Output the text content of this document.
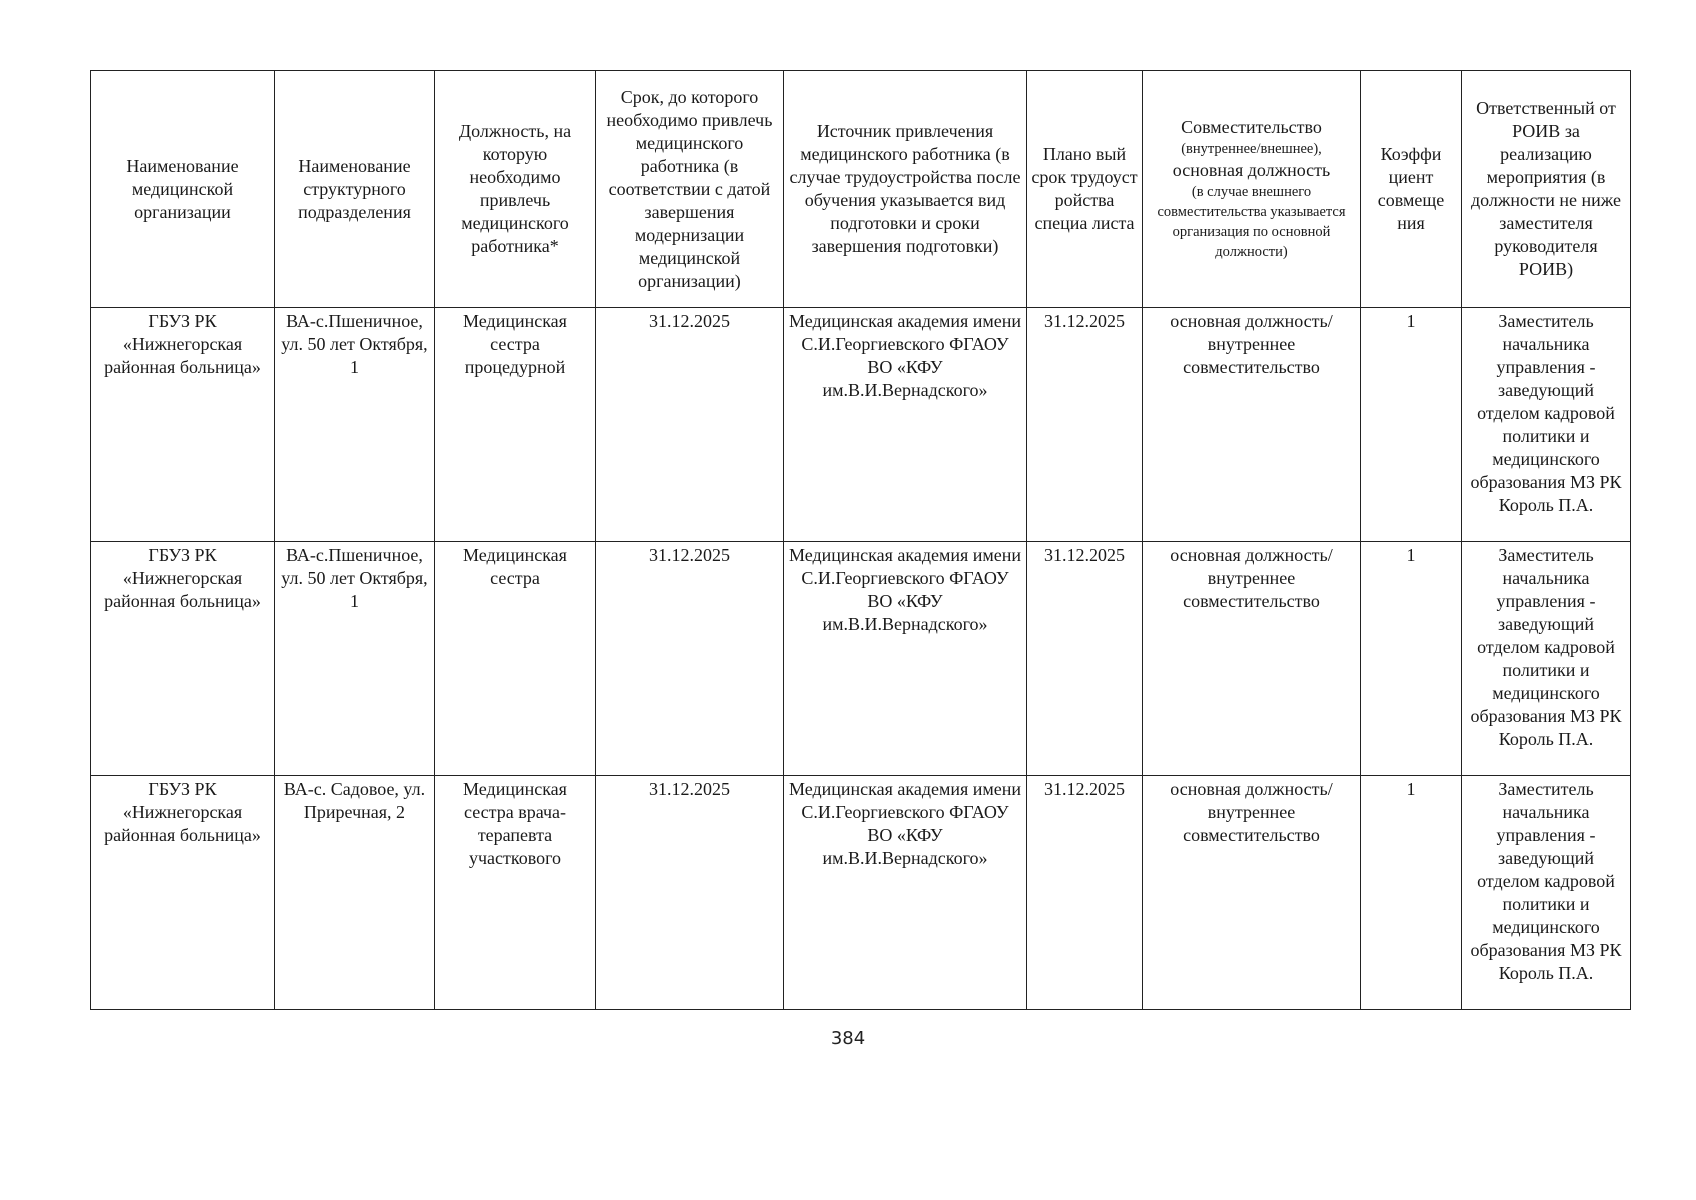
Наименование медицинской организации	Наименование структурного подразделения	Должность, на которую необходимо привлечь медицинского работника*	Срок, до которого необходимо привлечь медицинского работника (в соответствии с датой завершения модернизации медицинской организации)	Источник привлечения медицинского работника (в случае трудоустройства после обучения указывается вид подготовки и сроки завершения подготовки)	Плано вый срок трудоуст ройства специа листа	Совместительство
(внутреннее/внешнее),
основная должность
(в случае внешнего совместительства указывается организация по основной должности)	Коэффи циент совмеще ния	Ответственный от РОИВ за реализацию мероприятия (в должности не ниже заместителя руководителя РОИВ)
ГБУЗ РК «Нижнегорская районная больница»	ВА-с.Пшеничное, ул. 50 лет Октября, 1	Медицинская сестра процедурной	31.12.2025	Медицинская академия имени С.И.Георгиевского ФГАОУ ВО «КФУ им.В.И.Вернадского»	31.12.2025	основная должность/ внутреннее совместительство	1	Заместитель начальника управления - заведующий отделом кадровой политики и медицинского образования МЗ РК Король П.А.
ГБУЗ РК «Нижнегорская районная больница»	ВА-с.Пшеничное, ул. 50 лет Октября, 1	Медицинская сестра	31.12.2025	Медицинская академия имени С.И.Георгиевского ФГАОУ ВО «КФУ им.В.И.Вернадского»	31.12.2025	основная должность/ внутреннее совместительство	1	Заместитель начальника управления - заведующий отделом кадровой политики и медицинского образования МЗ РК Король П.А.
ГБУЗ РК «Нижнегорская районная больница»	ВА-с. Садовое, ул. Приречная, 2	Медицинская сестра врача-терапевта участкового	31.12.2025	Медицинская академия имени С.И.Георгиевского ФГАОУ ВО «КФУ им.В.И.Вернадского»	31.12.2025	основная должность/ внутреннее совместительство	1	Заместитель начальника управления - заведующий отделом кадровой политики и медицинского образования МЗ РК Король П.А.
384
